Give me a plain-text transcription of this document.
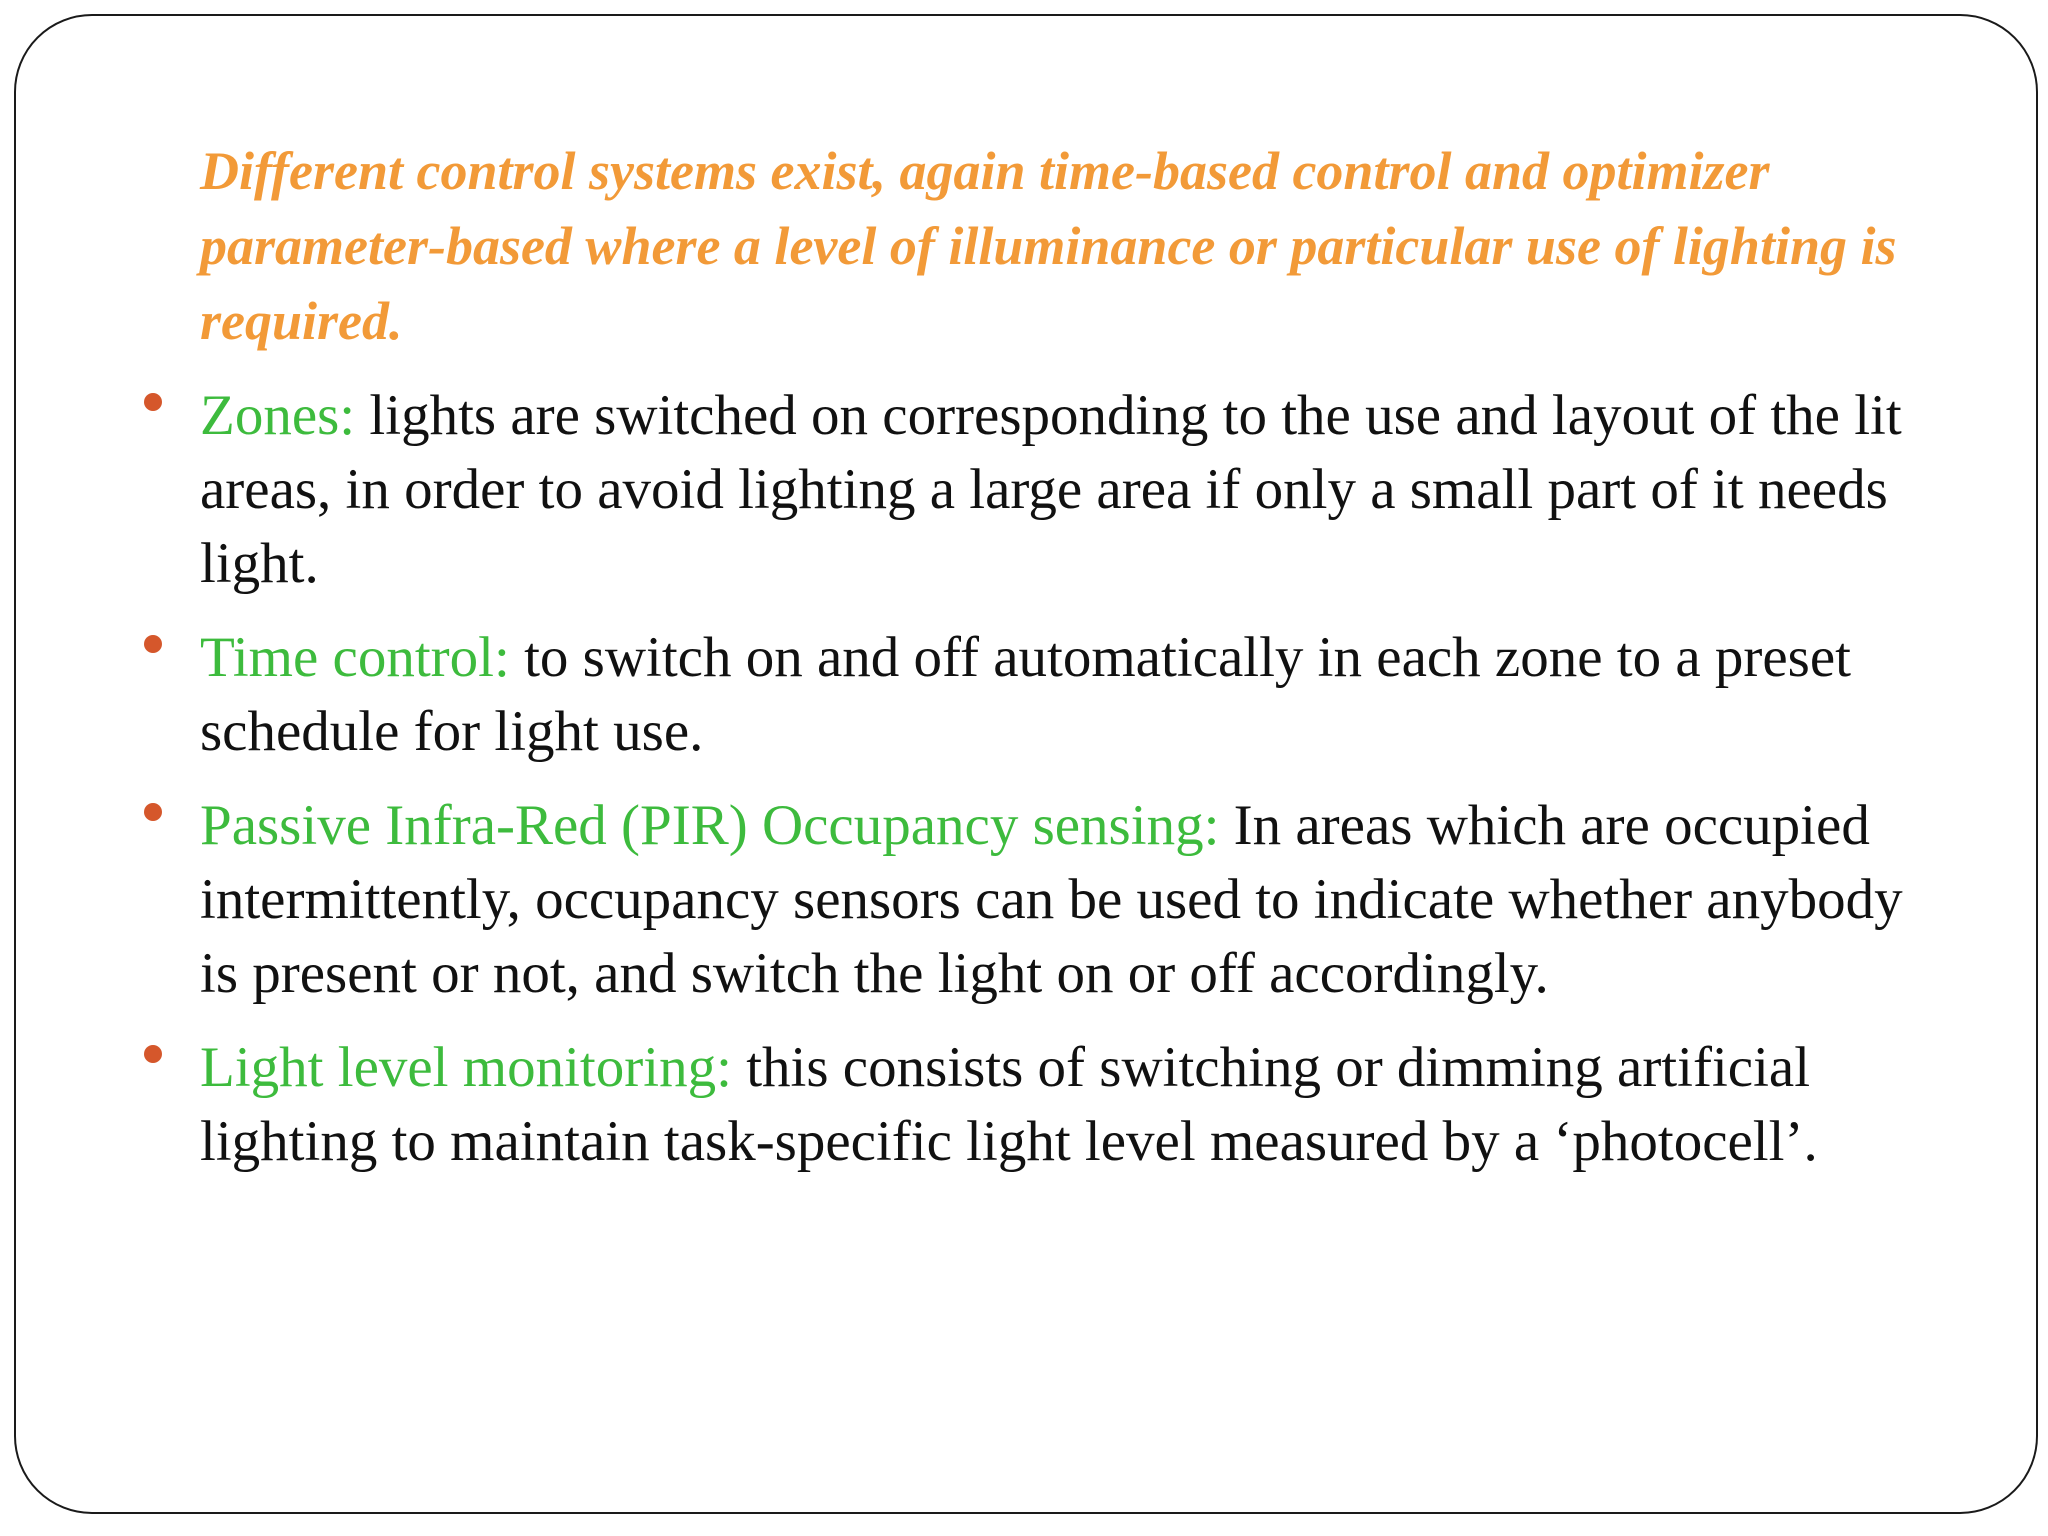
Different control systems exist, again time-based control and optimizer parameter-based where a level of illuminance or particular use of lighting is required.

Zones: lights are switched on corresponding to the use and layout of the lit areas, in order to avoid lighting a large area if only a small part of it needs light.
Time control: to switch on and off automatically in each zone to a preset schedule for light use.
Passive Infra-Red (PIR) Occupancy sensing: In areas which are occupied intermittently, occupancy sensors can be used to indicate whether anybody is present or not, and switch the light on or off accordingly.
Light level monitoring: this consists of switching or dimming artificial lighting to maintain task-specific light level measured by a ‘photocell’.
